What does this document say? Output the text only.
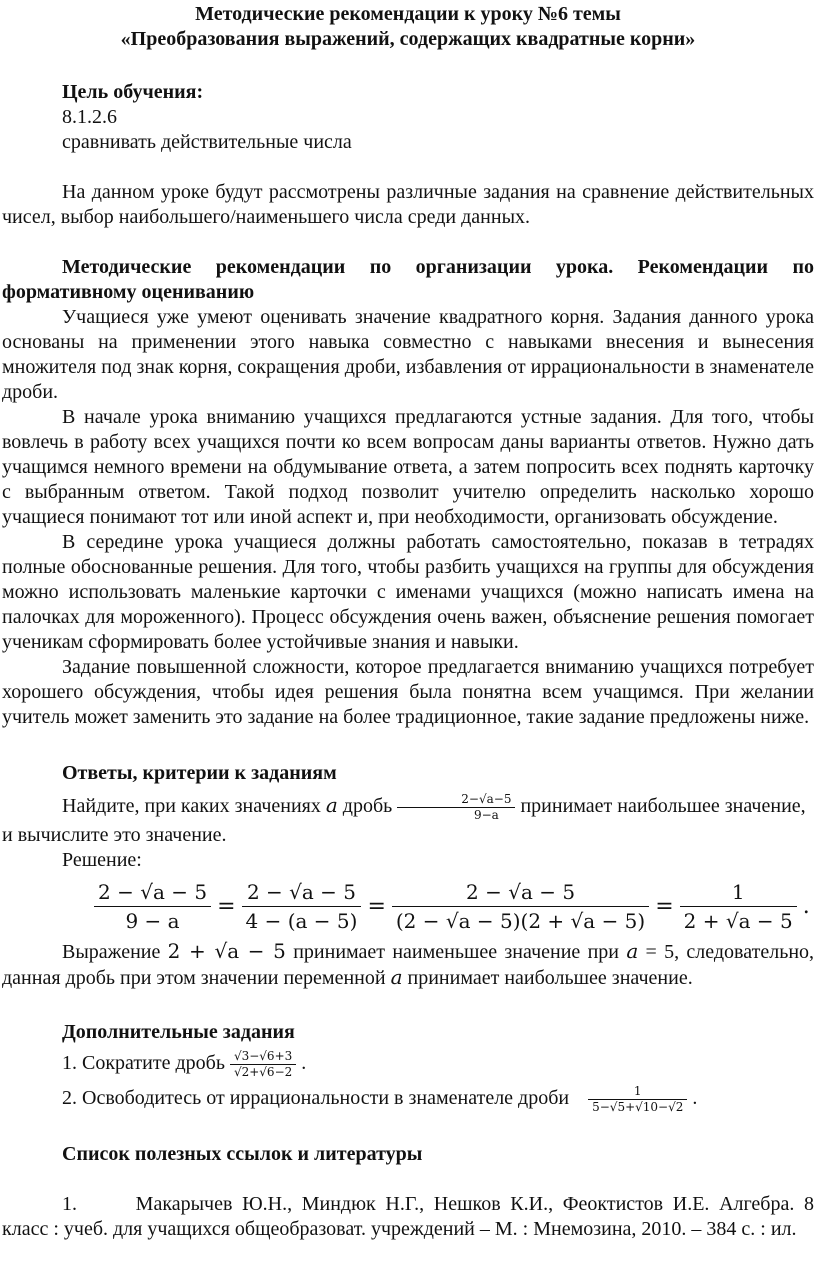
Методические рекомендации к уроку №6 темы

«Преобразования выражений, содержащих квадратные корни»

Цель обучения:

8.1.2.6

сравнивать действительные числа

На данном уроке будут рассмотрены различные задания на сравнение действительных чисел, выбор наибольшего/наименьшего числа среди данных.

Методические рекомендации по организации урока. Рекомендации по формативному оцениванию

Учащиеся уже умеют оценивать значение квадратного корня. Задания данного урока основаны на применении этого навыка совместно с навыками внесения и вынесения множителя под знак корня, сокращения дроби, избавления от иррациональности в знаменателе дроби.

В начале урока вниманию учащихся предлагаются устные задания. Для того, чтобы вовлечь в работу всех учащихся почти ко всем вопросам даны варианты ответов. Нужно дать учащимся немного времени на обдумывание ответа, а затем попросить всех поднять карточку с выбранным ответом. Такой подход позволит учителю определить насколько хорошо учащиеся понимают тот или иной аспект и, при необходимости, организовать обсуждение.

В середине урока учащиеся должны работать самостоятельно, показав в тетрадях полные обоснованные решения. Для того, чтобы разбить учащихся на группы для обсуждения можно использовать маленькие карточки с именами учащихся (можно написать имена на палочках для мороженного). Процесс обсуждения очень важен, объяснение решения помогает ученикам сформировать более устойчивые знания и навыки.

Задание повышенной сложности, которое предлагается вниманию учащихся потребует хорошего обсуждения, чтобы идея решения была понятна всем учащимся. При желании учитель может заменить это задание на более традиционное, такие задание предложены ниже.

Ответы, критерии к заданиям

Найдите, при каких значениях a дробь $\frac{2-√a-5}{9-a}$ принимает наибольшее значение, и вычислите это значение.

Решение:

$\frac{2 - √a - 5}{9 - a} = \frac{2 - √a - 5}{4 - (a - 5)} = \frac{2 - √a - 5}{(2 - √a - 5)(2 + √a - 5)} = \frac{1}{2 + √a - 5}$ .

Выражение 2 + √a − 5 принимает наименьшее значение при a = 5, следовательно, данная дробь при этом значении переменной a принимает наибольшее значение.

Дополнительные задания

1. Сократите дробь $\frac{√3-√6+3}{√2+√6-2}$ .

2. Освободитесь от иррациональности в знаменателе дроби $\frac{1}{5-√5+√10-√2}$ .

Список полезных ссылок и литературы

1.	Макарычев Ю.Н., Миндюк Н.Г., Нешков К.И., Феоктистов И.Е. Алгебра. 8 класс : учеб. для учащихся общеобразоват. учреждений – М. : Мнемозина, 2010. – 384 с. : ил.
